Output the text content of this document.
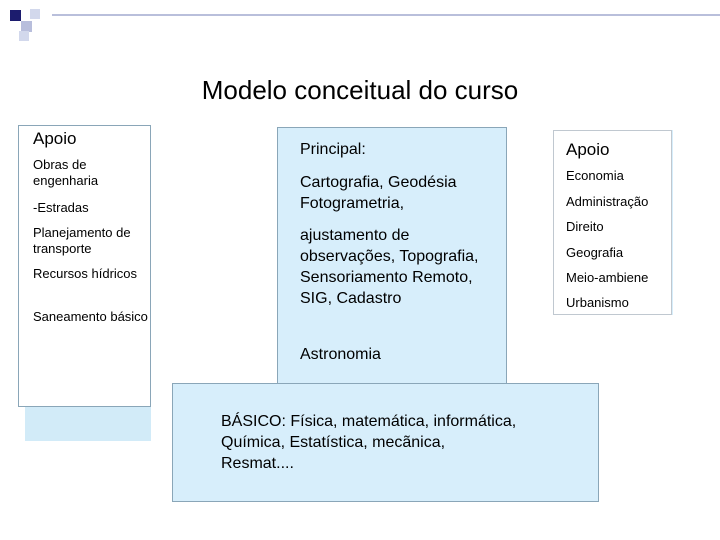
Modelo conceitual do curso
Apoio
Obras de engenharia
-Estradas
Planejamento de transporte
Recursos hídricos
Saneamento básico
Principal:
Cartografia, Geodésia Fotogrametria,
ajustamento de observações, Topografia, Sensoriamento Remoto, SIG, Cadastro
Astronomia
Apoio
Economia
Administração
Direito
Geografia
Meio-ambiene
Urbanismo
BÁSICO: Física, matemática, informática, Química, Estatística, mecãnica, Resmat....
